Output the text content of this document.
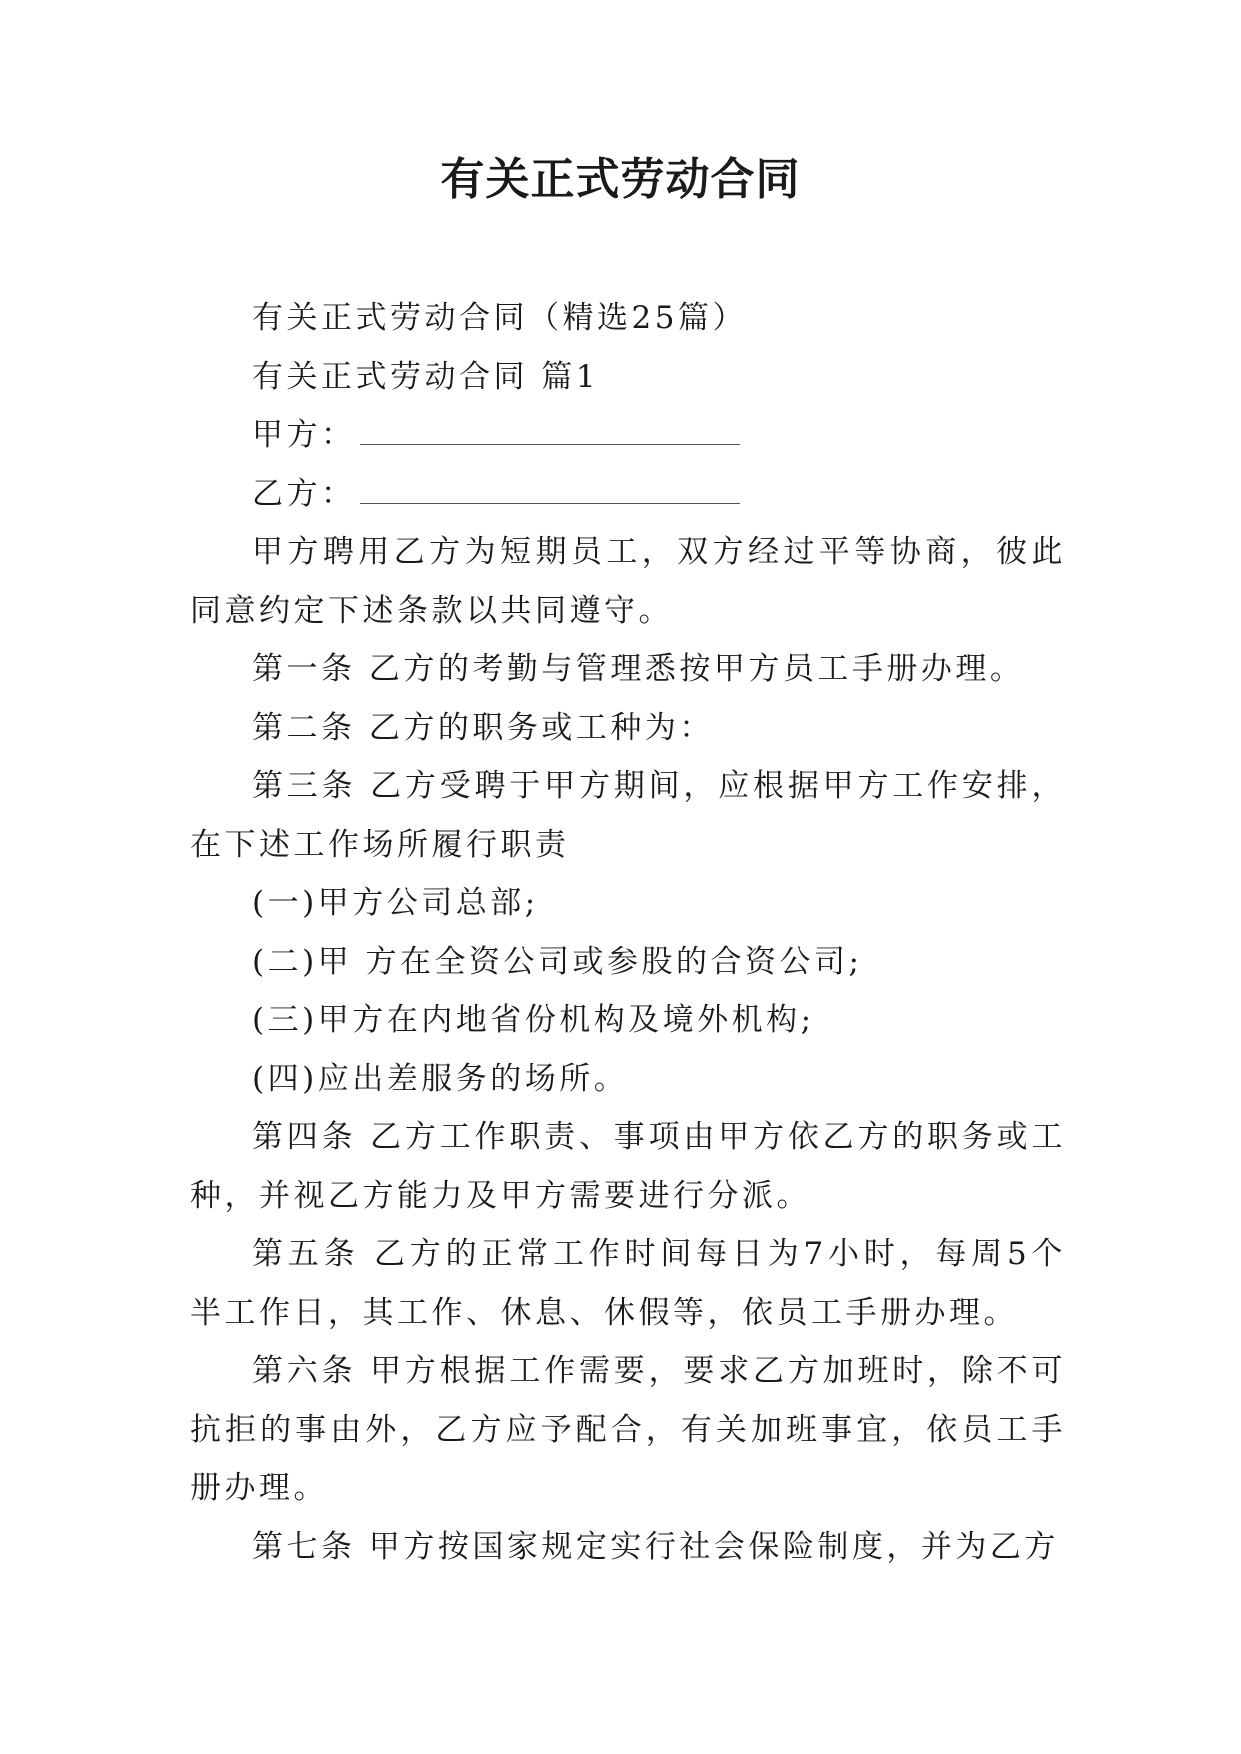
有关正式劳动合同

有关正式劳动合同（精选25篇）

有关正式劳动合同 篇1

甲方：

乙方：

甲方聘用乙方为短期员工，双方经过平等协商，彼此同意约定下述条款以共同遵守。

第一条 乙方的考勤与管理悉按甲方员工手册办理。

第二条 乙方的职务或工种为：

第三条 乙方受聘于甲方期间，应根据甲方工作安排，在下述工作场所履行职责

(一)甲方公司总部;

(二)甲 方在全资公司或参股的合资公司;

(三)甲方在内地省份机构及境外机构;

(四)应出差服务的场所。

第四条 乙方工作职责、事项由甲方依乙方的职务或工种，并视乙方能力及甲方需要进行分派。

第五条 乙方的正常工作时间每日为7小时，每周5个半工作日，其工作、休息、休假等，依员工手册办理。

第六条 甲方根据工作需要，要求乙方加班时，除不可抗拒的事由外，乙方应予配合，有关加班事宜，依员工手册办理。

第七条 甲方按国家规定实行社会保险制度，并为乙方
